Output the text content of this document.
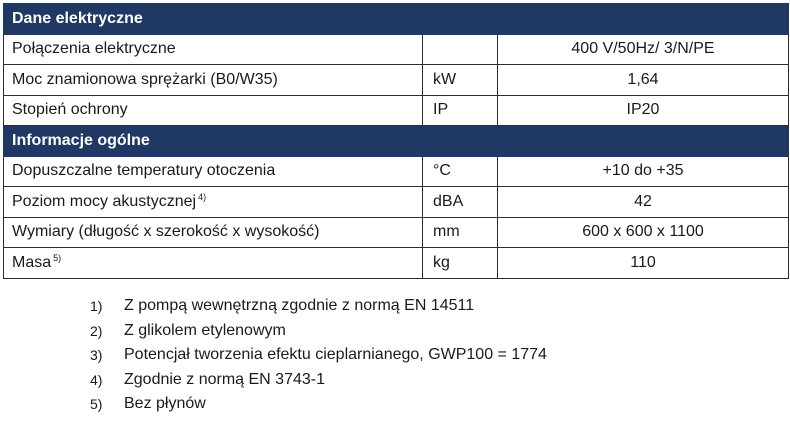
Dane elektryczne		
Połączenia elektryczne		400 V/50Hz/ 3/N/PE
Moc znamionowa sprężarki (B0/W35)	kW	1,64
Stopień ochrony	IP	IP20
Informacje ogólne		
Dopuszczalne temperatury otoczenia	°C	+10 do +35
Poziom mocy akustycznej $^{4)}$	dBA	42
Wymiary (długość x szerokość x wysokość)	mm	600 x 600 x 1100
Masa $^{5)}$	kg	110
1)	Z pompą wewnętrzną zgodnie z normą EN 14511
2)	Z glikolem etylenowym
3)	Potencjał tworzenia efektu cieplarnianego, GWP100 = 1774
4)	Zgodnie z normą EN 3743-1
5)	Bez płynów
